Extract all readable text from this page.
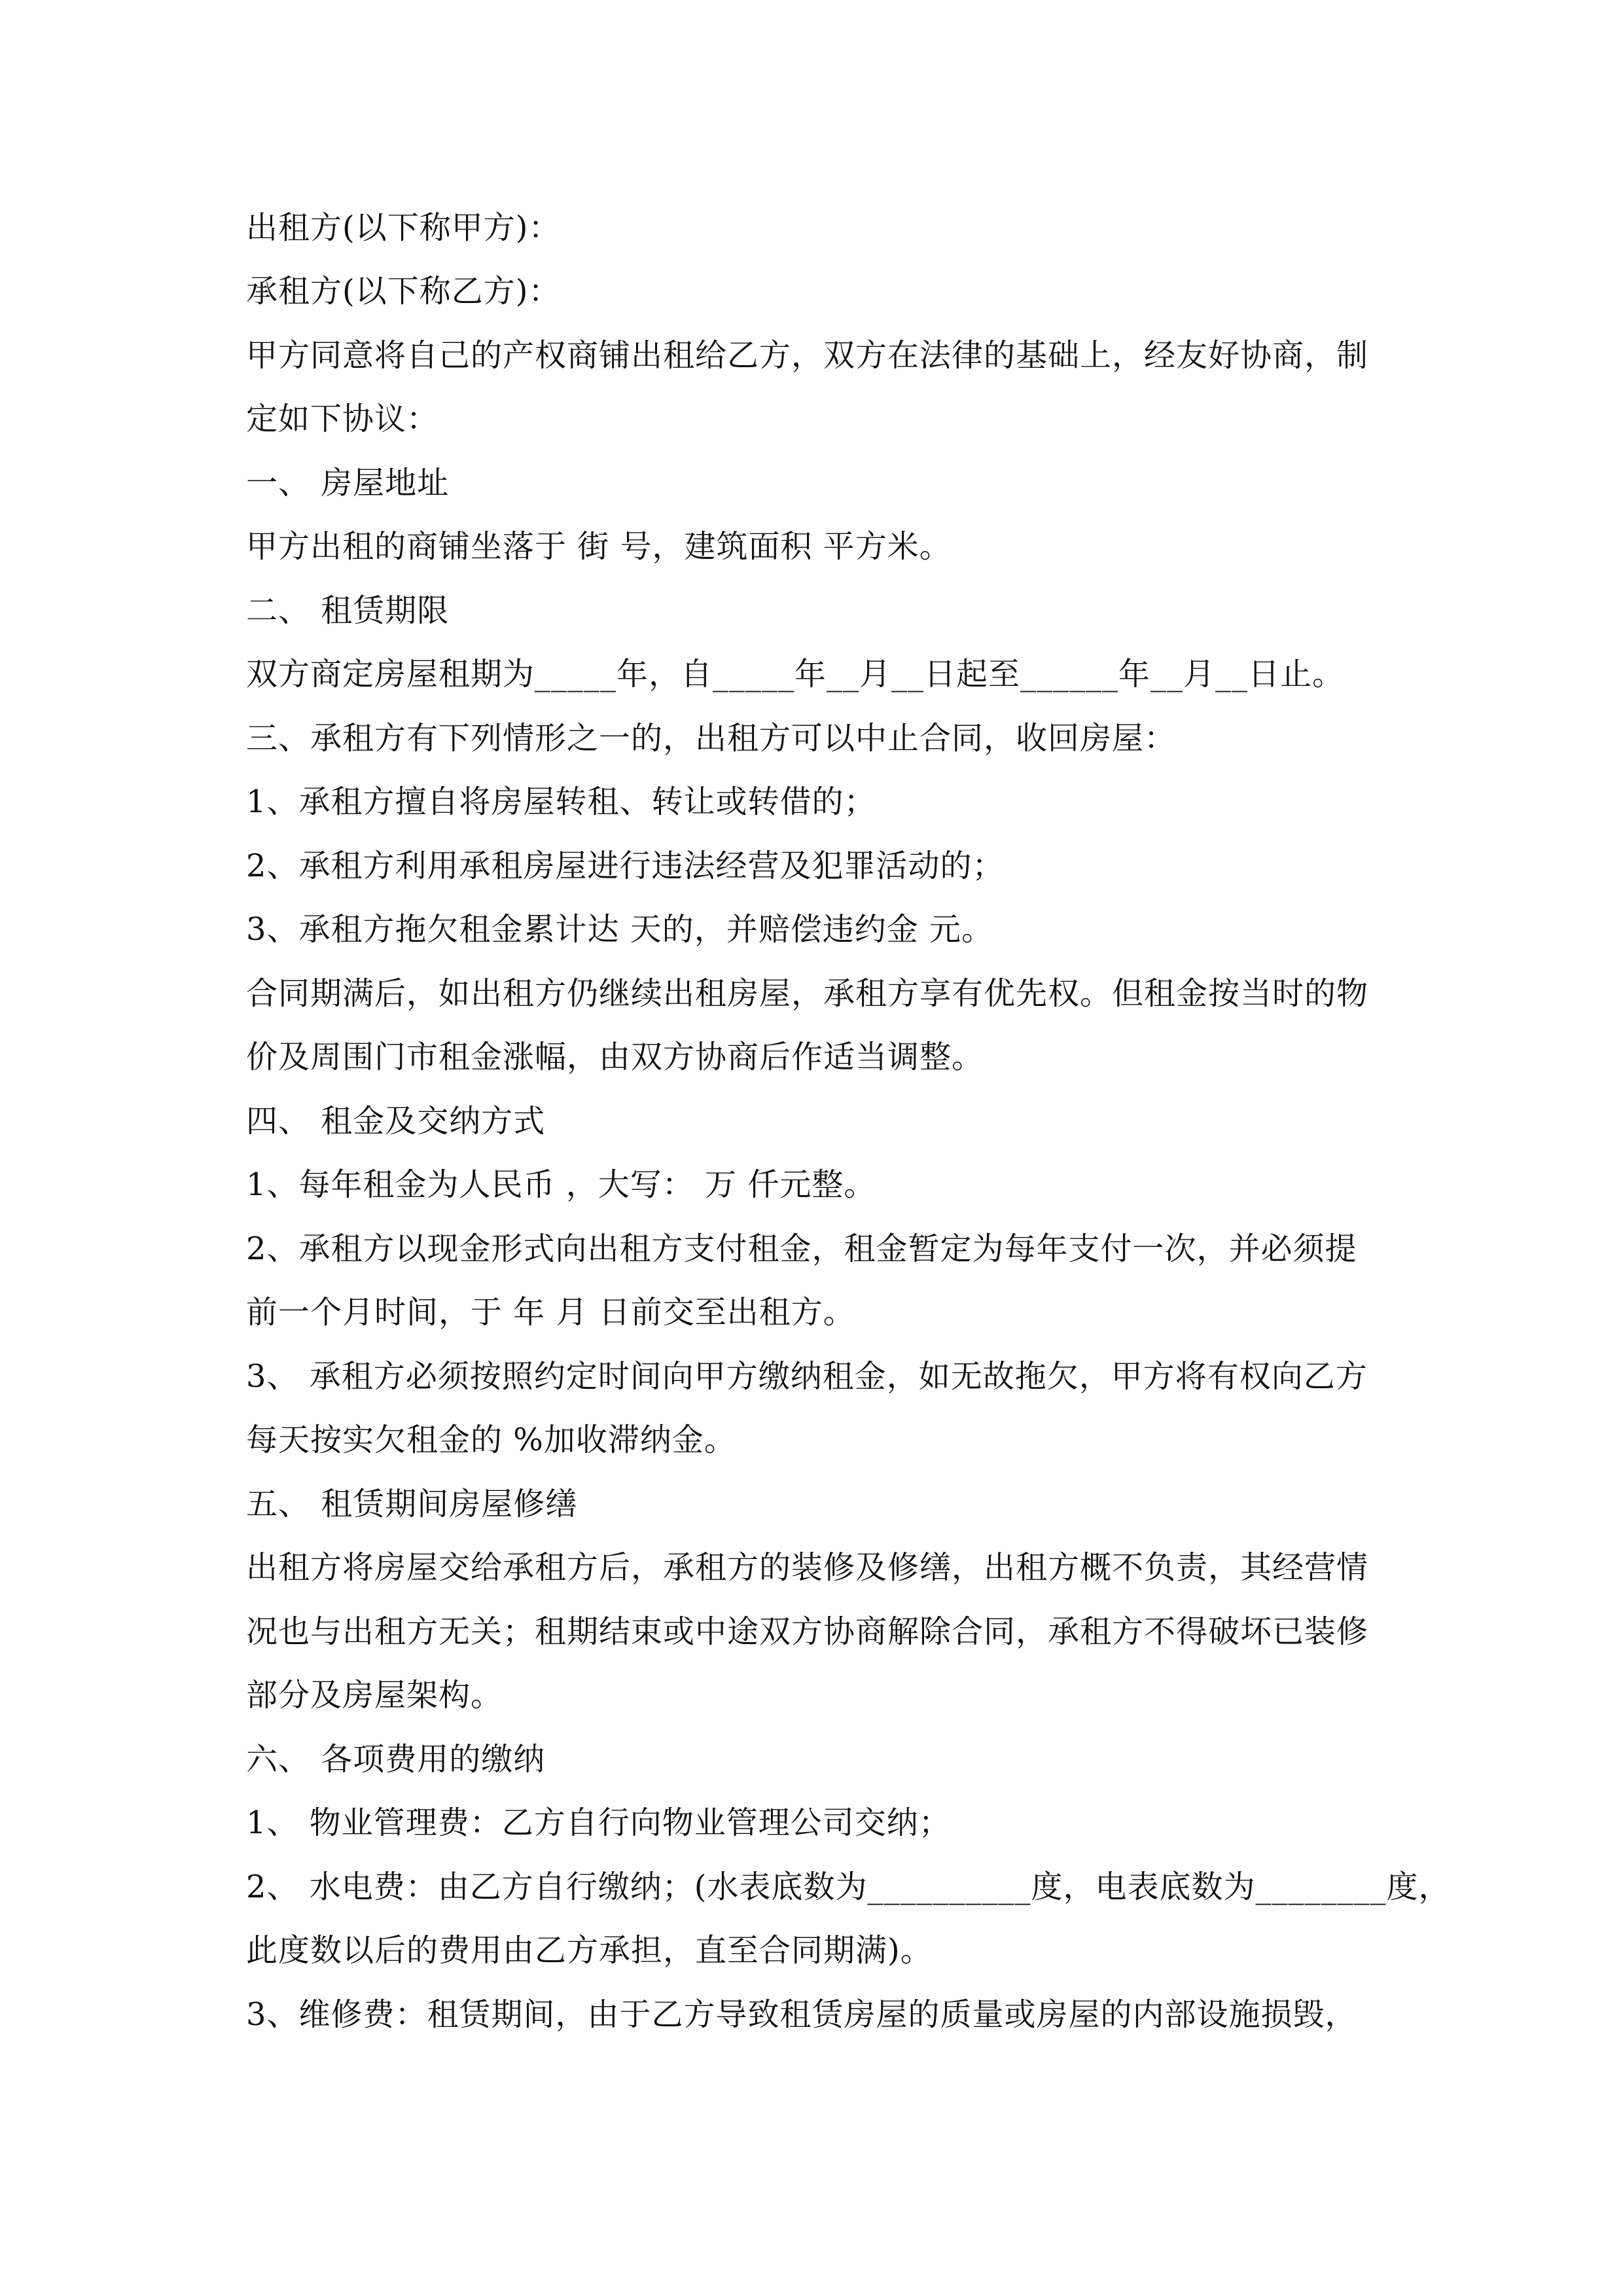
出租方(以下称甲方)：
承租方(以下称乙方)：
甲方同意将自己的产权商铺出租给乙方，双方在法律的基础上，经友好协商，制
定如下协议：
一、 房屋地址
甲方出租的商铺坐落于 街 号，建筑面积 平方米。
二、 租赁期限
双方商定房屋租期为_____年，自_____年__月__日起至______年__月__日止。
三、承租方有下列情形之一的，出租方可以中止合同，收回房屋：
1、承租方擅自将房屋转租、转让或转借的；
2、承租方利用承租房屋进行违法经营及犯罪活动的；
3、承租方拖欠租金累计达 天的，并赔偿违约金 元。
合同期满后，如出租方仍继续出租房屋，承租方享有优先权。但租金按当时的物
价及周围门市租金涨幅，由双方协商后作适当调整。
四、 租金及交纳方式
1、每年租金为人民币 ，大写： 万 仟元整。
2、承租方以现金形式向出租方支付租金，租金暂定为每年支付一次，并必须提
前一个月时间，于 年 月 日前交至出租方。
3、 承租方必须按照约定时间向甲方缴纳租金，如无故拖欠，甲方将有权向乙方
每天按实欠租金的 %加收滞纳金。
五、 租赁期间房屋修缮
出租方将房屋交给承租方后，承租方的装修及修缮，出租方概不负责，其经营情
况也与出租方无关；租期结束或中途双方协商解除合同，承租方不得破坏已装修
部分及房屋架构。
六、 各项费用的缴纳
1、 物业管理费：乙方自行向物业管理公司交纳；
2、 水电费：由乙方自行缴纳；(水表底数为__________度，电表底数为________度，
此度数以后的费用由乙方承担，直至合同期满)。
3、维修费：租赁期间，由于乙方导致租赁房屋的质量或房屋的内部设施损毁，
